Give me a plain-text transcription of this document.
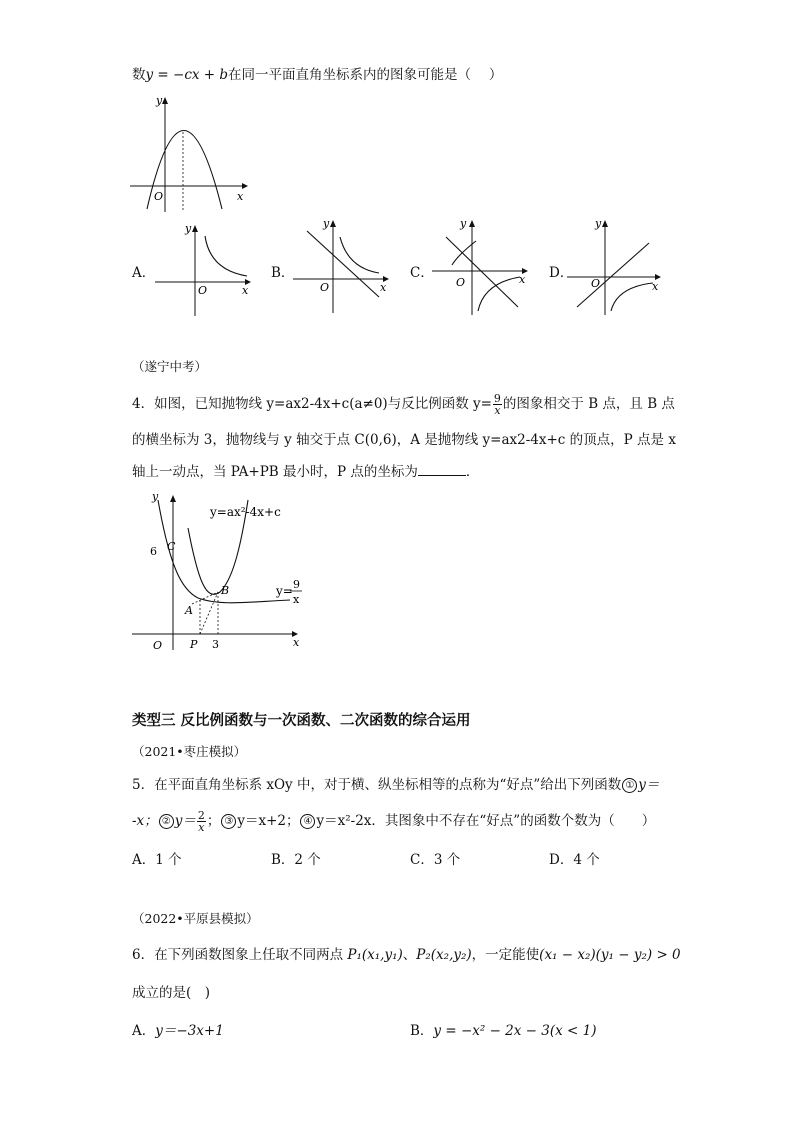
数y = −cx + b在同一平面直角坐标系内的图象可能是（　 ）
y
x
O
A．
y
x
O
B．
y
x
O
C．
y
x
O
D．
y
x
O
（遂宁中考）
4．如图，已知抛物线 y=ax2-4x+c(a≠0)与反比例函数 $y= \frac{9}{x}$ 的图象相交于 B 点，且 B 点
的横坐标为 3，抛物线与 y 轴交于点 C(0,6)，A 是抛物线 y=ax2-4x+c 的顶点，P 点是 x
轴上一动点，当 PA+PB 最小时，P 点的坐标为	．
y
x
O
6 C
A
B
P 3
y=ax²-4x+c
y= 9
x
类型三 反比例函数与一次函数、二次函数的综合运用
（2021•枣庄模拟）
5．在平面直角坐标系 xOy 中，对于横、纵坐标相等的点称为“好点”给出下列函数 ① y＝
-x； ② $y= \frac{2}{x}$ ； ③ y＝x+2； ④ y＝x²-2x．其图象中不存在“好点”的函数个数为（　　）
A．1 个	B．2 个	C．3 个	D．4 个
（2022•平原县模拟）
6．在下列函数图象上任取不同两点 P₁(x₁,y₁)、P₂(x₂,y₂)，一定能使(x₁ − x₂)(y₁ − y₂) > 0
成立的是(　)
A．y＝−3x+1	B．y = −x² − 2x − 3(x < 1)
